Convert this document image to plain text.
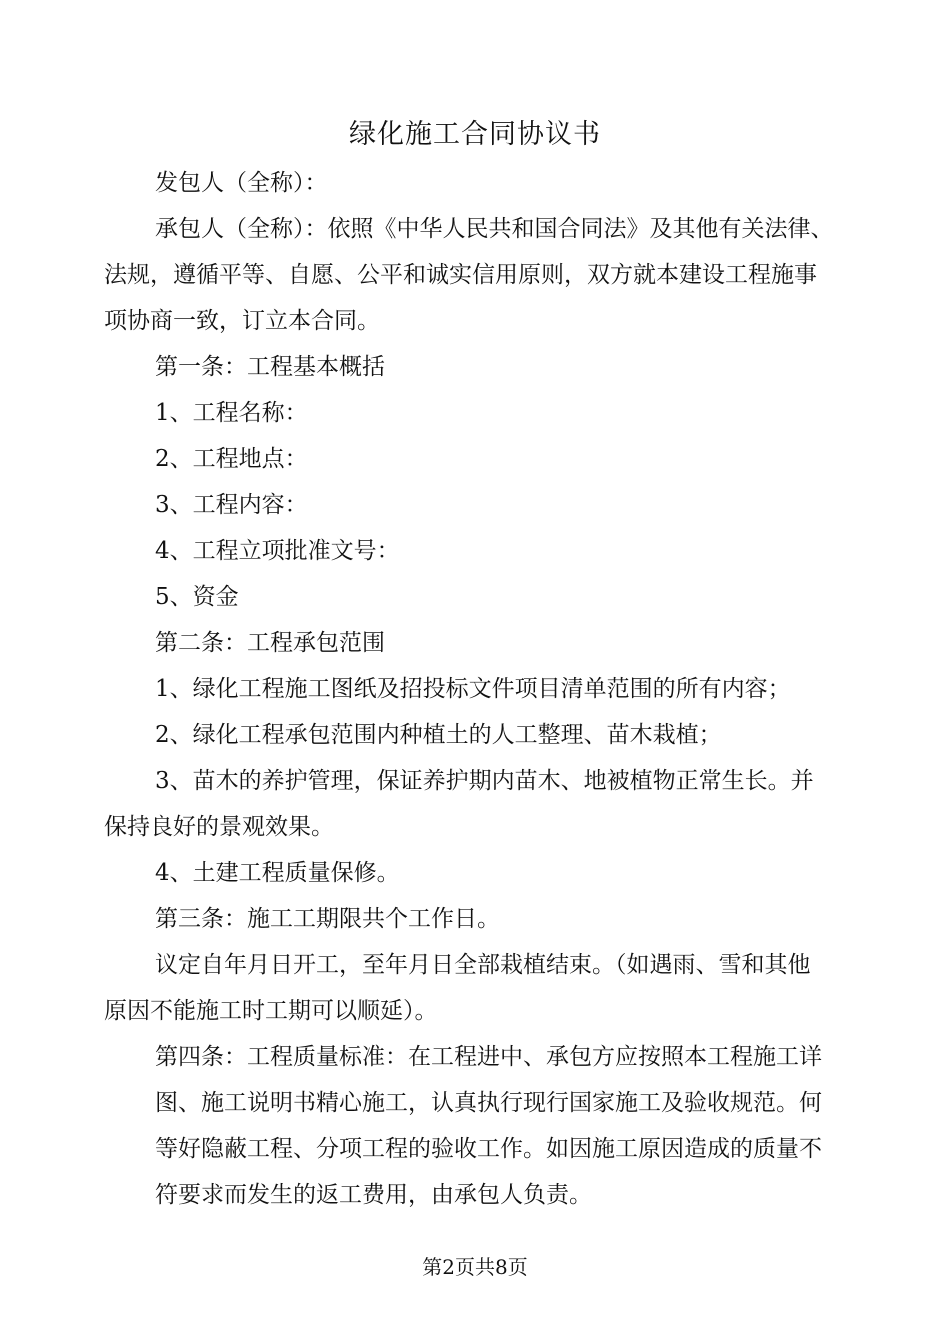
绿化施工合同协议书
发包人（全称）：
承包人（全称）：依照《中华人民共和国合同法》及其他有关法律、
法规，遵循平等、自愿、公平和诚实信用原则，双方就本建设工程施事
项协商一致，订立本合同。
第一条：工程基本概括
1、工程名称：
2、工程地点：
3、工程内容：
4、工程立项批准文号：
5、资金
第二条：工程承包范围
1、绿化工程施工图纸及招投标文件项目清单范围的所有内容；
2、绿化工程承包范围内种植土的人工整理、苗木栽植；
3、苗木的养护管理，保证养护期内苗木、地被植物正常生长。并
保持良好的景观效果。
4、土建工程质量保修。
第三条：施工工期限共个工作日。
议定自年月日开工，至年月日全部栽植结束。（如遇雨、雪和其他
原因不能施工时工期可以顺延）。
第四条：工程质量标准：在工程进中、承包方应按照本工程施工详
图、施工说明书精心施工，认真执行现行国家施工及验收规范。何
等好隐蔽工程、分项工程的验收工作。如因施工原因造成的质量不
符要求而发生的返工费用，由承包人负责。
第2页共8页
